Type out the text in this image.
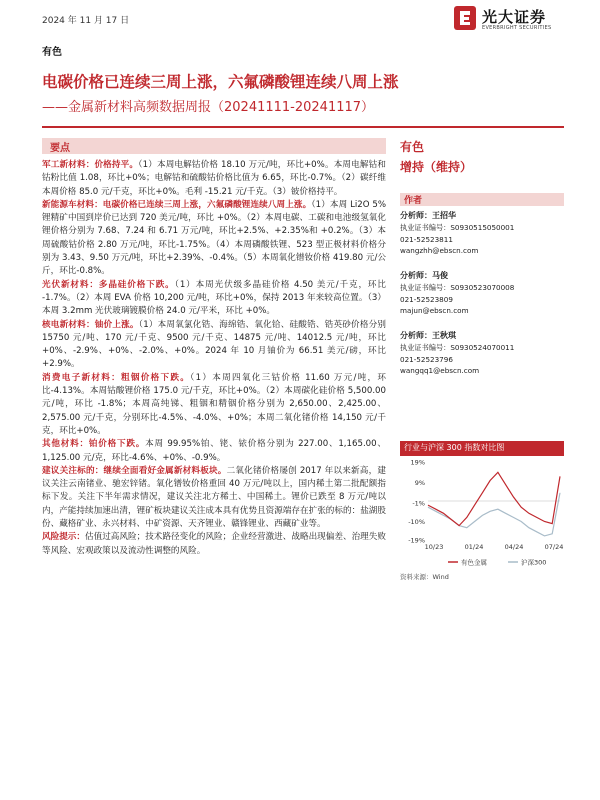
2024 年 11 月 17 日	光大证券
EVERBRIGHT SECURITIES
有色
电碳价格已连续三周上涨，六氟磷酸锂连续八周上涨
——金属新材料高频数据周报（20241111-20241117）
要点

军工新材料：价格持平。（1）本周电解钴价格 18.10 万元/吨，环比+0%。本周电解钴和钴粉比值 1.08，环比+0%；电解钴和硫酸钴价格比值为 6.65，环比-0.7%。（2）碳纤维本周价格 85.0 元/千克，环比+0%。毛利 -15.21 元/千克。（3）铍价格持平。

新能源车材料：电碳价格已连续三周上涨，六氟磷酸锂连续八周上涨。（1）本周 Li2O 5%锂精矿中国到岸价已达到 720 美元/吨，环比 +0%。（2）本周电碳、工碳和电池级氢氧化锂价格分别为 7.68、7.24 和 6.71 万元/吨，环比+2.5%、+2.35%和 +0.2%。（3）本周硫酸钴价格 2.80 万元/吨，环比-1.75%。（4）本周磷酸铁锂、523 型正极材料价格分别为 3.43、9.50 万元/吨，环比+2.39%、-0.4%。（5）本周氧化镨钕价格 419.80 元/公斤，环比-0.8%。

光伏新材料：多晶硅价格下跌。（1）本周光伏级多晶硅价格 4.50 美元/千克，环比 -1.7%。（2）本周 EVA 价格 10,200 元/吨，环比+0%，保持 2013 年来较高位置。（3）本周 3.2mm 光伏玻璃镀膜价格 24.0 元/平米，环比 +0%。

核电新材料：铀价上涨。（1）本周氧氯化锆、海绵锆、氧化铪、硅酸锆、锆英砂价格分别 15750 元/吨、170 元/千克、9500 元/千克、14875 元/吨、14012.5 元/吨，环比+0%、-2.9%、+0%、-2.0%、+0%。2024 年 10 月铀价为 66.51 美元/磅，环比+2.9%。

消费电子新材料：粗铟价格下跌。（1）本周四氧化三钴价格 11.60 万元/吨，环比-4.13%。本周钴酸锂价格 175.0 元/千克，环比+0%。（2）本周碳化硅价格 5,500.00 元/吨，环比 -1.8%；本周高纯锑、粗铟和精铟价格分别为 2,650.00、2,425.00、2,575.00 元/千克，分别环比-4.5%、-4.0%、+0%；本周二氧化锗价格 14,150 元/千克，环比+0%。

其他材料：铂价格下跌。本周 99.95%铂、铑、铱价格分别为 227.00、1,165.00、1,125.00 元/克，环比-4.6%、+0%、-0.9%。

建议关注标的：继续全面看好金属新材料板块。二氧化锗价格屡创 2017 年以来新高，建议关注云南锗业、驰宏锌锗。氧化镨钕价格重回 40 万元/吨以上，国内稀土第二批配额指标下发。关注下半年需求情况，建议关注北方稀土、中国稀土。锂价已跌至 8 万元/吨以内，产能持续加速出清，锂矿板块建议关注成本具有优势且资源端存在扩张的标的：盐湖股份、藏格矿业、永兴材料、中矿资源、天齐锂业、赣锋锂业、西藏矿业等。

风险提示：估值过高风险；技术路径变化的风险；企业经营激进、战略出现偏差、治理失败等风险、宏观政策以及流动性调整的风险。

有色
增持（维持）
作者
分析师：王招华
执业证书编号：S0930515050001
021-52523811
wangzhh@ebscn.com
分析师：马俊
执业证书编号：S0930523070008
021-52523809
majun@ebscn.com
分析师：王秋琪
执业证书编号：S0930524070011
021-52523796
wangqq1@ebscn.com
行业与沪深 300 指数对比图
19%
9%
-1%
-10%
-19%
10/23	01/24	04/24	07/24
有色金属	沪深300
资料来源：Wind
